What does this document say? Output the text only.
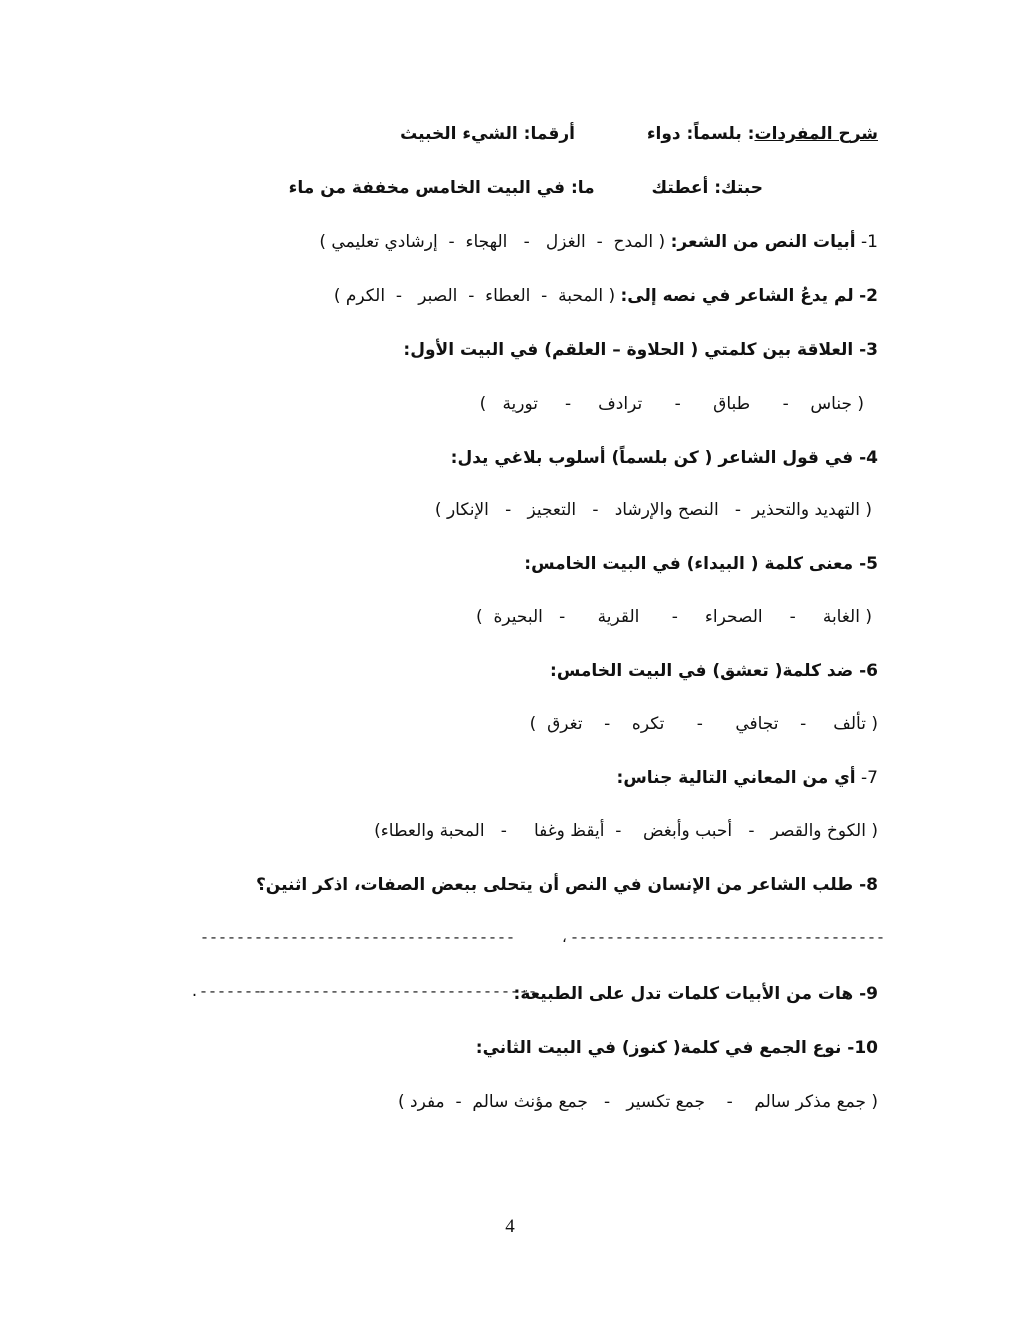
شرح المفردات: بلسماً: دواء  أرقما: الشيء الخبيث
حبتك: أعطتك  ما: في البيت الخامس مخففة من ماء
1- أبيات النص من الشعر: ( المدح  -  الغزل   -   الهجاء  -  إرشادي تعليمي )
2- لم يدعُ الشاعر في نصه إلى: ( المحبة  -  العطاء  -  الصبر   -  الكرم )
3- العلاقة بين كلمتي ( الحلاوة – العلقم) في البيت الأول:
( جناس    -      طباق      -      ترادف     -     تورية   )
4- في قول الشاعر ( كن بلسماً) أسلوب بلاغي يدل:
( التهديد والتحذير  -   النصح والإرشاد   -   التعجيز   -   الإنكار )
5- معنى كلمة ( البيداء) في البيت الخامس:
( الغابة     -     الصحراء     -      القرية      -   البحيرة  )
6- ضد كلمة( تعشق) في البيت الخامس:
( تألف     -    تجافي      -      تكره    -    تغرق  )
7- أي من المعاني التالية جناس:
( الكوخ والقصر   -   أحبب وأبغض    -  أيقظ وغفا     -   المحبة والعطاء)
8- طلب الشاعر من الإنسان في النص أن يتحلى ببعض الصفات، اذكر اثنين؟
-----------------------------------
،
-----------------------------------
9- هات من الأبيات كلمات تدل على الطبيعة:
-------------------------------
.-------
10- نوع الجمع في كلمة( كنوز) في البيت الثاني:
( جمع مذكر سالم    -    جمع تكسير   -   جمع مؤنث سالم  -  مفرد )
4
